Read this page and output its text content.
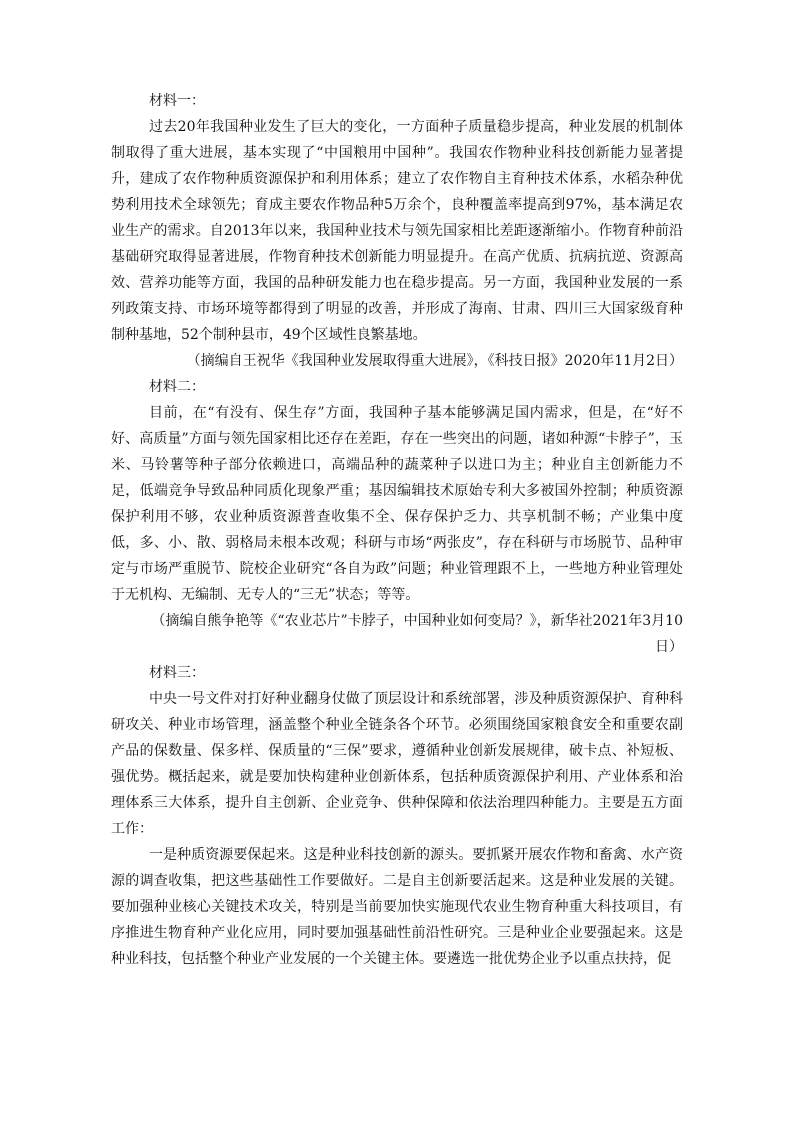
材料一：

过去20年我国种业发生了巨大的变化，一方面种子质量稳步提高，种业发展的机制体制取得了重大进展，基本实现了“中国粮用中国种”。我国农作物种业科技创新能力显著提升，建成了农作物种质资源保护和利用体系；建立了农作物自主育种技术体系，水稻杂种优势利用技术全球领先；育成主要农作物品种5万余个，良种覆盖率提高到97%，基本满足农业生产的需求。自2013年以来，我国种业技术与领先国家相比差距逐渐缩小。作物育种前沿基础研究取得显著进展，作物育种技术创新能力明显提升。在高产优质、抗病抗逆、资源高效、营养功能等方面，我国的品种研发能力也在稳步提高。另一方面，我国种业发展的一系列政策支持、市场环境等都得到了明显的改善，并形成了海南、甘肃、四川三大国家级育种制种基地，52个制种县市，49个区域性良繁基地。

（摘编自王祝华《我国种业发展取得重大进展》，《科技日报》2020年11月2日）

材料二：

目前，在“有没有、保生存”方面，我国种子基本能够满足国内需求，但是，在“好不好、高质量”方面与领先国家相比还存在差距，存在一些突出的问题，诸如种源“卡脖子”，玉米、马铃薯等种子部分依赖进口，高端品种的蔬菜种子以进口为主；种业自主创新能力不足，低端竞争导致品种同质化现象严重；基因编辑技术原始专利大多被国外控制；种质资源保护利用不够，农业种质资源普查收集不全、保存保护乏力、共享机制不畅；产业集中度低，多、小、散、弱格局未根本改观；科研与市场“两张皮”，存在科研与市场脱节、品种审定与市场严重脱节、院校企业研究“各自为政”问题；种业管理跟不上，一些地方种业管理处于无机构、无编制、无专人的“三无”状态；等等。

（摘编自熊争艳等《“农业芯片”卡脖子，中国种业如何变局？》，新华社2021年3月10日）

材料三：

中央一号文件对打好种业翻身仗做了顶层设计和系统部署，涉及种质资源保护、育种科研攻关、种业市场管理，涵盖整个种业全链条各个环节。必须围绕国家粮食安全和重要农副产品的保数量、保多样、保质量的“三保”要求，遵循种业创新发展规律，破卡点、补短板、强优势。概括起来，就是要加快构建种业创新体系，包括种质资源保护利用、产业体系和治理体系三大体系，提升自主创新、企业竞争、供种保障和依法治理四种能力。主要是五方面工作：

一是种质资源要保起来。这是种业科技创新的源头。要抓紧开展农作物和畜禽、水产资源的调查收集，把这些基础性工作要做好。二是自主创新要活起来。这是种业发展的关键。要加强种业核心关键技术攻关，特别是当前要加快实施现代农业生物育种重大科技项目，有序推进生物育种产业化应用，同时要加强基础性前沿性研究。三是种业企业要强起来。这是种业科技，包括整个种业产业发展的一个关键主体。要遴选一批优势企业予以重点扶持，促
